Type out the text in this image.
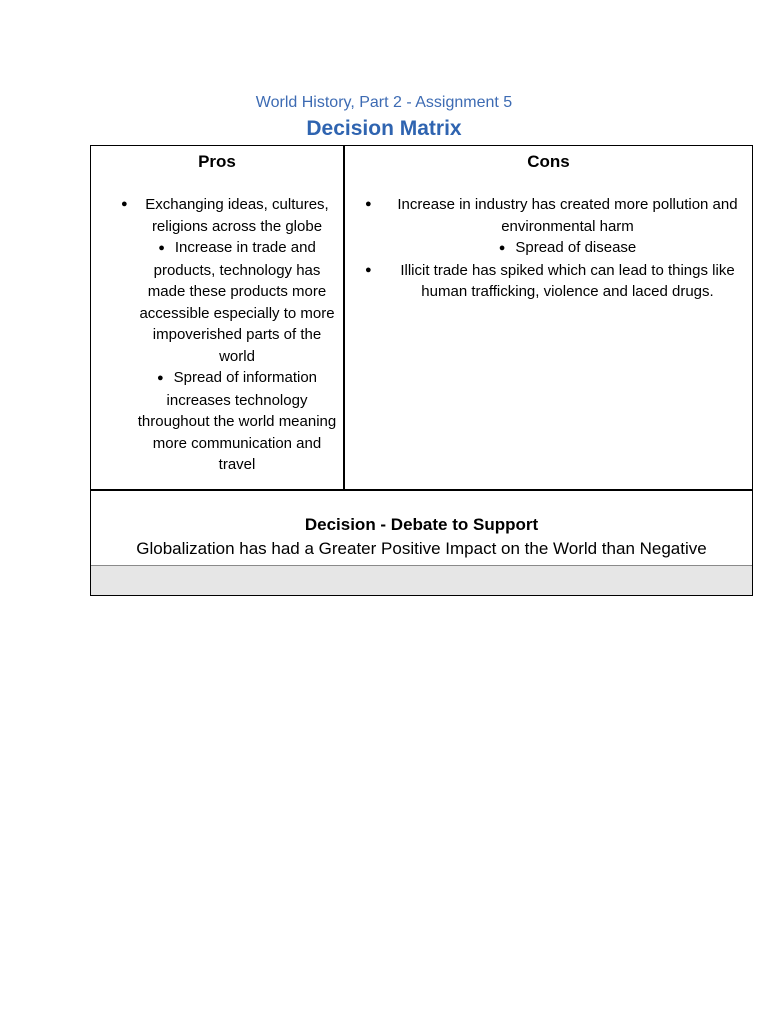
World History, Part 2 - Assignment 5
Decision Matrix
Pros
● Exchanging ideas, cultures, religions across the globe
● Increase in trade and products, technology has made these products more accessible especially to more impoverished parts of the world
● Spread of information increases technology throughout the world meaning more communication and travel
Cons
● Increase in industry has created more pollution and environmental harm
● Spread of disease
● Illicit trade has spiked which can lead to things like human trafficking, violence and laced drugs.
Decision - Debate to Support
Globalization has had a Greater Positive Impact on the World than Negative
